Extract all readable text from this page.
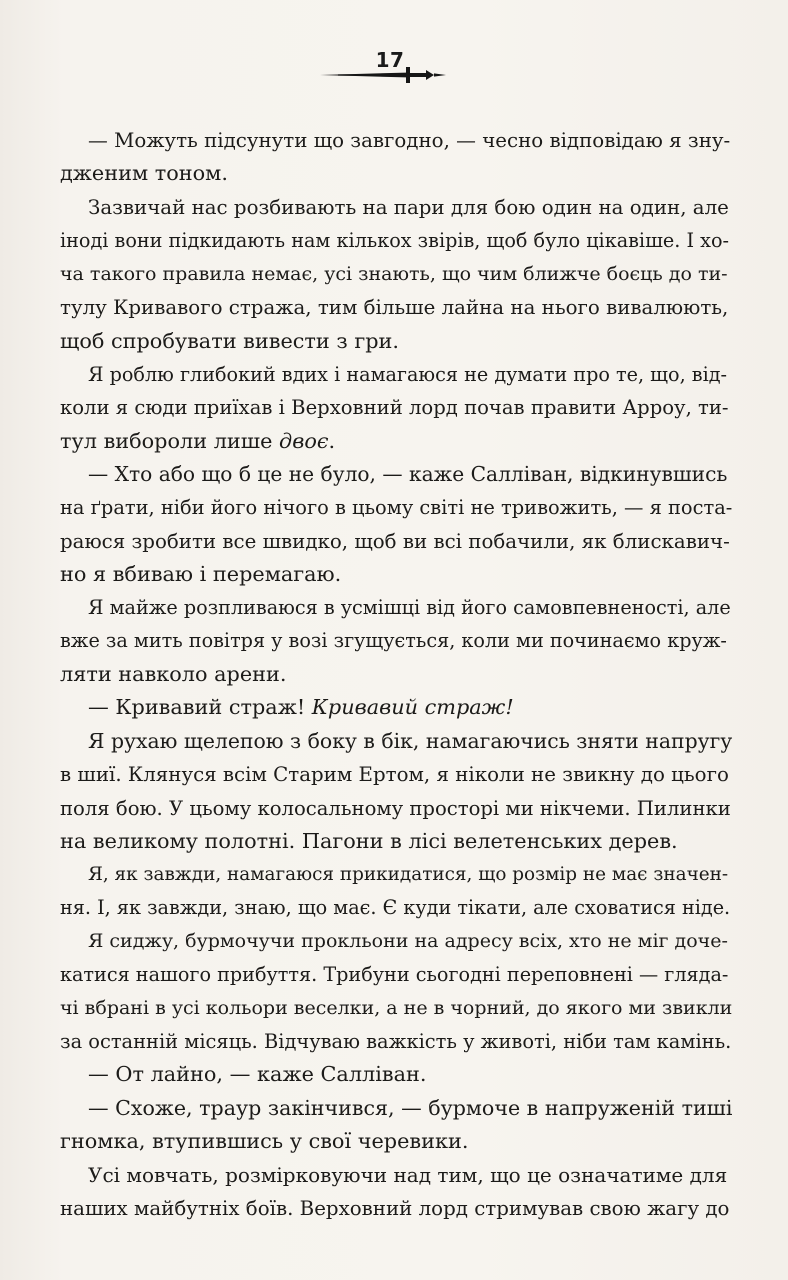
17

— Можуть підсунути що завгодно, — чесно відповідаю я зну-
дженим тоном.

Зазвичай нас розбивають на пари для бою один на один, але
іноді вони підкидають нам кількох звірів, щоб було цікавіше. І хо-
ча такого правила немає, усі знають, що чим ближче боєць до ти-
тулу Кривавого стража, тим більше лайна на нього вивалюють,
щоб спробувати вивести з гри.

Я роблю глибокий вдих і намагаюся не думати про те, що, від-
коли я сюди приїхав і Верховний лорд почав правити Арроу, ти-
тул вибороли лише двоє.

— Хто або що б це не було, — каже Салліван, відкинувшись
на ґрати, ніби його нічого в цьому світі не тривожить, — я поста-
раюся зробити все швидко, щоб ви всі побачили, як блискавич-
но я вбиваю і перемагаю.

Я майже розпливаюся в усмішці від його самовпевненості, але
вже за мить повітря у возі згущується, коли ми починаємо круж-
ляти навколо арени.

— Кривавий страж! Кривавий страж!

Я рухаю щелепою з боку в бік, намагаючись зняти напругу
в шиї. Клянуся всім Старим Ертом, я ніколи не звикну до цього
поля бою. У цьому колосальному просторі ми нікчеми. Пилинки
на великому полотні. Пагони в лісі велетенських дерев.

Я, як завжди, намагаюся прикидатися, що розмір не має значен-
ня. І, як завжди, знаю, що має. Є куди тікати, але сховатися ніде.

Я сиджу, бурмочучи прокльони на адресу всіх, хто не міг доче-
катися нашого прибуття. Трибуни сьогодні переповнені — гляда-
чі вбрані в усі кольори веселки, а не в чорний, до якого ми звикли
за останній місяць. Відчуваю важкість у животі, ніби там камінь.

— От лайно, — каже Салліван.

— Схоже, траур закінчився, — бурмоче в напруженій тиші
гномка, втупившись у свої черевики.

Усі мовчать, розмірковуючи над тим, що це означатиме для
наших майбутніх боїв. Верховний лорд стримував свою жагу до
